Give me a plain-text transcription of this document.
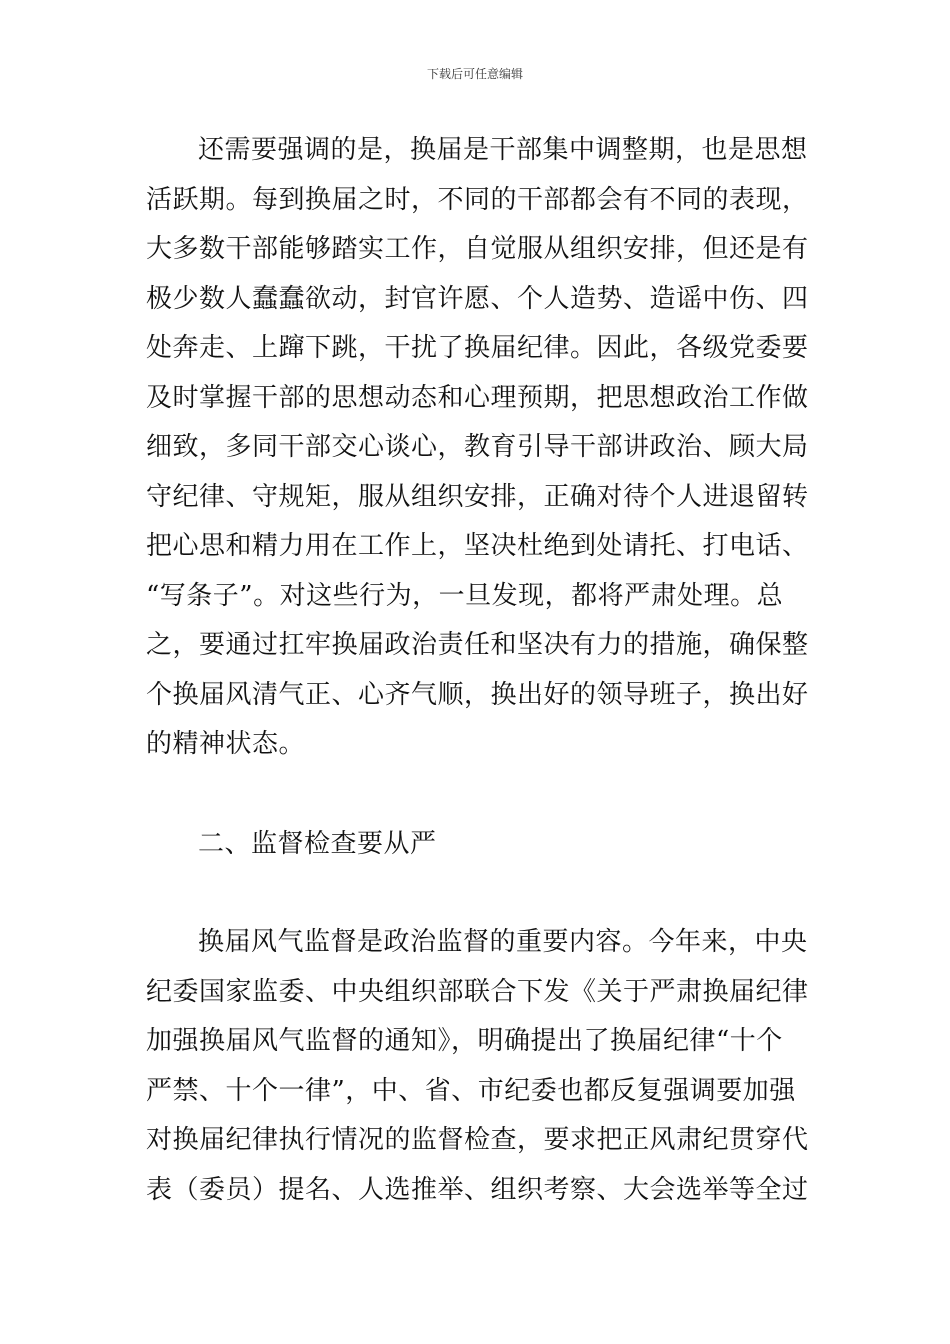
下载后可任意编辑
还需要强调的是，换届是干部集中调整期，也是思想
活跃期。每到换届之时，不同的干部都会有不同的表现，
大多数干部能够踏实工作，自觉服从组织安排，但还是有
极少数人蠢蠢欲动，封官许愿、个人造势、造谣中伤、四
处奔走、上蹿下跳，干扰了换届纪律。因此，各级党委要
及时掌握干部的思想动态和心理预期，把思想政治工作做
细致，多同干部交心谈心，教育引导干部讲政治、顾大局
守纪律、守规矩，服从组织安排，正确对待个人进退留转
把心思和精力用在工作上，坚决杜绝到处请托、打电话、
“写条子”。对这些行为，一旦发现，都将严肃处理。总
之，要通过扛牢换届政治责任和坚决有力的措施，确保整
个换届风清气正、心齐气顺，换出好的领导班子，换出好
的精神状态。
二、监督检查要从严
换届风气监督是政治监督的重要内容。今年来，中央
纪委国家监委、中央组织部联合下发《关于严肃换届纪律
加强换届风气监督的通知》，明确提出了换届纪律“十个
严禁、十个一律”，中、省、市纪委也都反复强调要加强
对换届纪律执行情况的监督检查，要求把正风肃纪贯穿代
表（委员）提名、人选推举、组织考察、大会选举等全过
